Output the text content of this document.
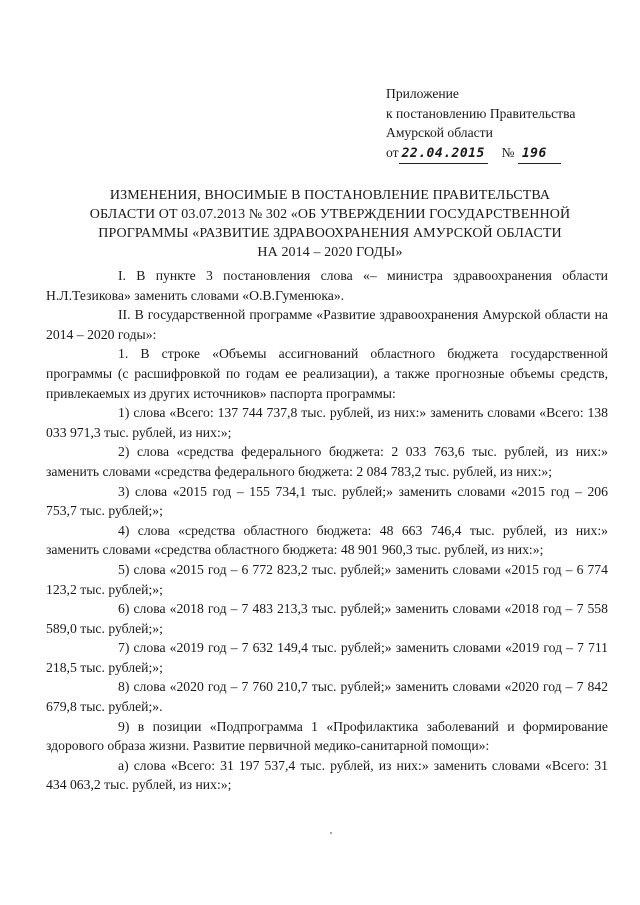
Приложение
к постановлению Правительства
Амурской области
от 22.04.2015 № 196
ИЗМЕНЕНИЯ, ВНОСИМЫЕ В ПОСТАНОВЛЕНИЕ ПРАВИТЕЛЬСТВА
ОБЛАСТИ ОТ 03.07.2013 № 302 «ОБ УТВЕРЖДЕНИИ ГОСУДАРСТВЕННОЙ
ПРОГРАММЫ «РАЗВИТИЕ ЗДРАВООХРАНЕНИЯ АМУРСКОЙ ОБЛАСТИ
НА 2014 – 2020 ГОДЫ»

I. В пункте 3 постановления слова «– министра здравоохранения области Н.Л.Тезикова» заменить словами «О.В.Гуменюка».

II. В государственной программе «Развитие здравоохранения Амурской области на 2014 – 2020 годы»:

1. В строке «Объемы ассигнований областного бюджета государственной программы (с расшифровкой по годам ее реализации), а также прогнозные объемы средств, привлекаемых из других источников» паспорта программы:

1) слова «Всего: 137 744 737,8 тыс. рублей, из них:» заменить словами «Всего: 138 033 971,3 тыс. рублей, из них:»;

2) слова «средства федерального бюджета: 2 033 763,6 тыс. рублей, из них:» заменить словами «средства федерального бюджета: 2 084 783,2 тыс. рублей, из них:»;

3) слова «2015 год – 155 734,1 тыс. рублей;» заменить словами «2015 год – 206 753,7 тыс. рублей;»;

4) слова «средства областного бюджета: 48 663 746,4 тыс. рублей, из них:» заменить словами «средства областного бюджета: 48 901 960,3 тыс. рублей, из них:»;

5) слова «2015 год – 6 772 823,2 тыс. рублей;» заменить словами «2015 год – 6 774 123,2 тыс. рублей;»;

6) слова «2018 год – 7 483 213,3 тыс. рублей;» заменить словами «2018 год – 7 558 589,0 тыс. рублей;»;

7) слова «2019 год – 7 632 149,4 тыс. рублей;» заменить словами «2019 год – 7 711 218,5 тыс. рублей;»;

8) слова «2020 год – 7 760 210,7 тыс. рублей;» заменить словами «2020 год – 7 842 679,8 тыс. рублей;».

9) в позиции «Подпрограмма 1 «Профилактика заболеваний и формирование здорового образа жизни. Развитие первичной медико-санитарной помощи»:

а) слова «Всего: 31 197 537,4 тыс. рублей, из них:» заменить словами «Всего: 31 434 063,2 тыс. рублей, из них:»;
